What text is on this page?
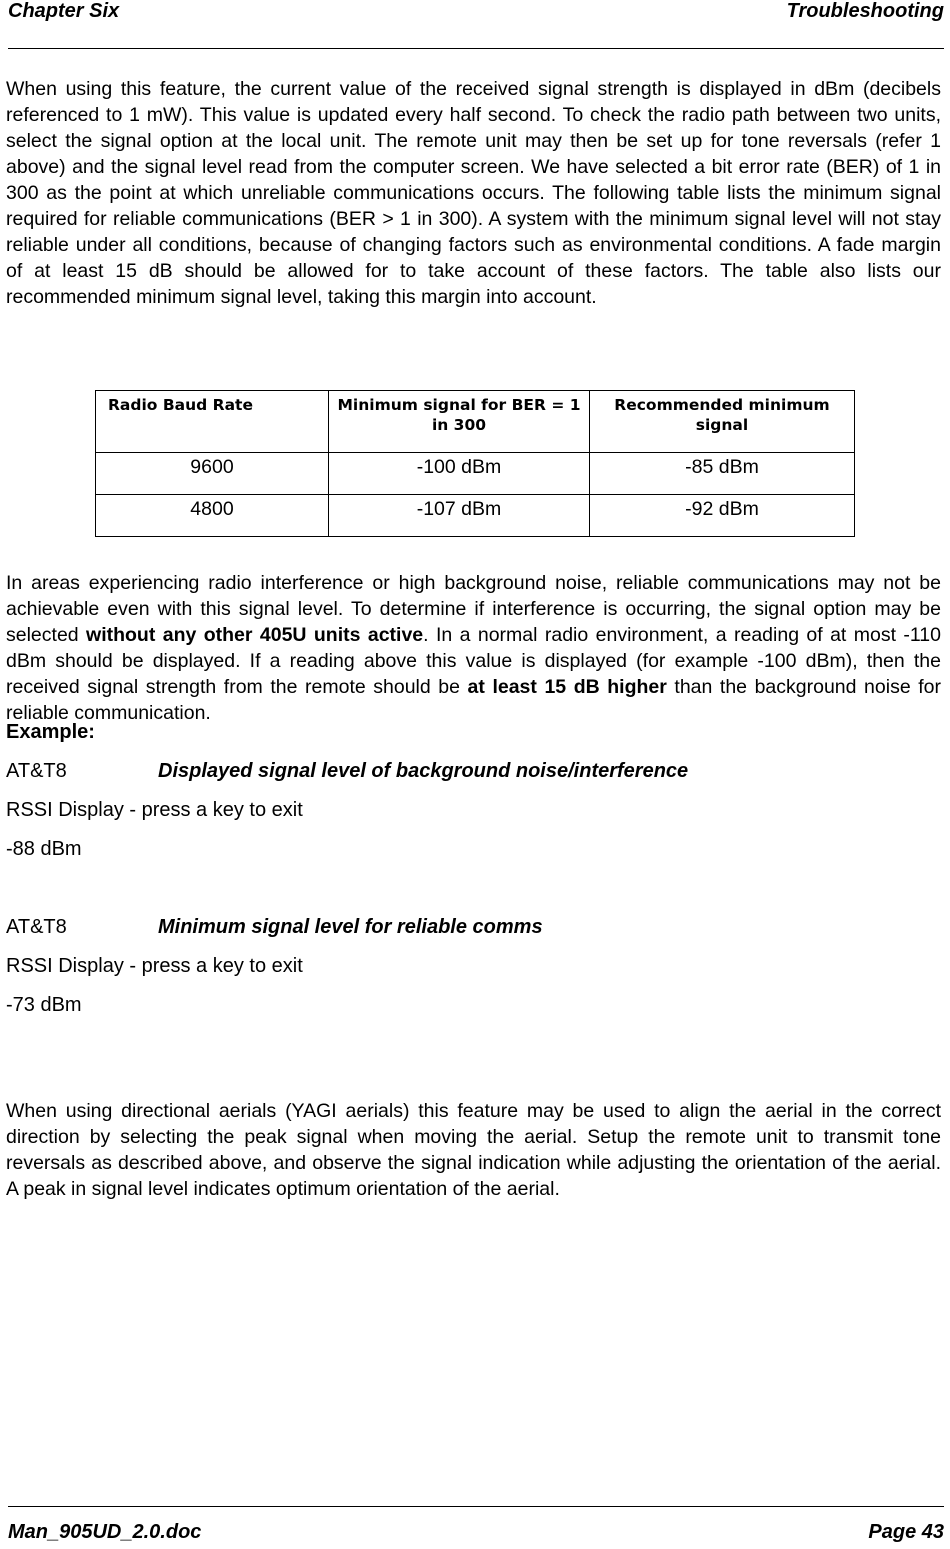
Chapter Six	Troubleshooting

When using this feature, the current value of the received signal strength is displayed in dBm (decibels referenced to 1 mW). This value is updated every half second. To check the radio path between two units, select the signal option at the local unit. The remote unit may then be set up for tone reversals (refer 1 above) and the signal level read from the computer screen. We have selected a bit error rate (BER) of 1 in 300 as the point at which unreliable communications occurs. The following table lists the minimum signal required for reliable communications (BER > 1 in 300). A system with the minimum signal level will not stay reliable under all conditions, because of changing factors such as environmental conditions. A fade margin of at least 15 dB should be allowed for to take account of these factors. The table also lists our recommended minimum signal level, taking this margin into account.

Radio Baud Rate	Minimum signal for BER = 1 in 300	Recommended minimum signal
9600	-100 dBm	-85 dBm
4800	-107 dBm	-92 dBm

In areas experiencing radio interference or high background noise, reliable communications may not be achievable even with this signal level. To determine if interference is occurring, the signal option may be selected without any other 405U units active. In a normal radio environment, a reading of at most -110 dBm should be displayed. If a reading above this value is displayed (for example -100 dBm), then the received signal strength from the remote should be at least 15 dB higher than the background noise for reliable communication.

Example:
AT&T8	Displayed signal level of background noise/interference
RSSI Display - press a key to exit
-88 dBm
AT&T8	Minimum signal level for reliable comms
RSSI Display - press a key to exit
-73 dBm

When using directional aerials (YAGI aerials) this feature may be used to align the aerial in the correct direction by selecting the peak signal when moving the aerial. Setup the remote unit to transmit tone reversals as described above, and observe the signal indication while adjusting the orientation of the aerial. A peak in signal level indicates optimum orientation of the aerial.

Man_905UD_2.0.doc	Page 43
